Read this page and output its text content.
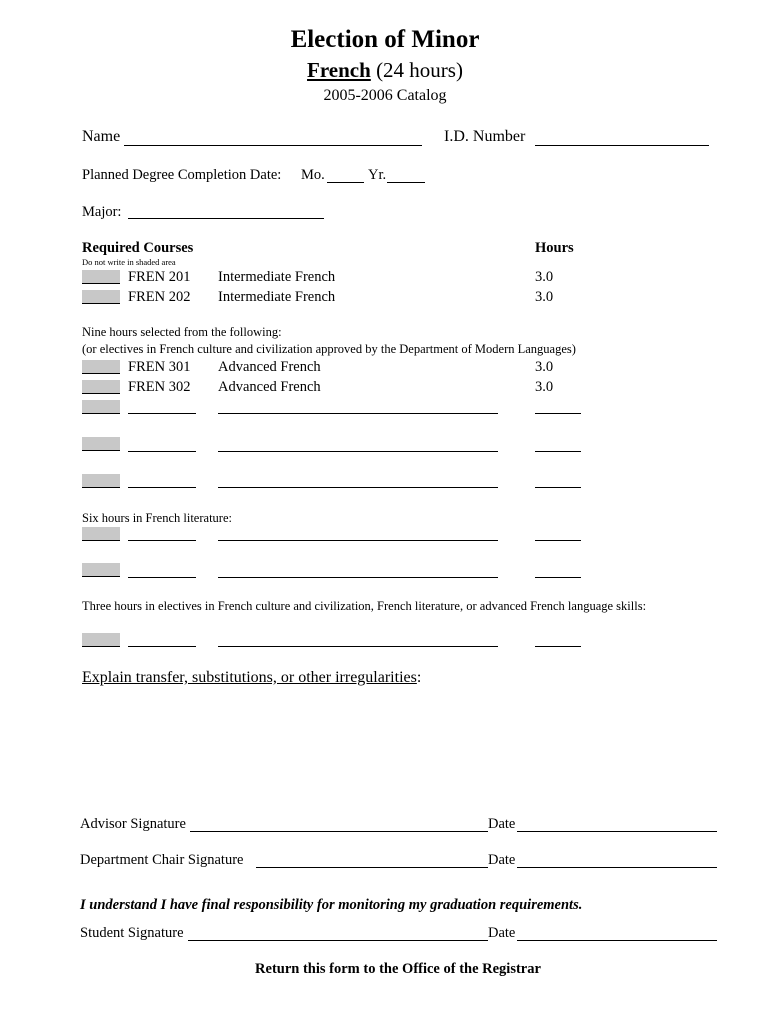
Election of Minor
French (24 hours)
2005-2006 Catalog
Name	I.D. Number
Planned Degree Completion Date: Mo.	Yr.
Major:
Required Courses	Hours
Do not write in shaded area
FREN 201 Intermediate French	3.0
FREN 202 Intermediate French	3.0
Nine hours selected from the following:
(or electives in French culture and civilization approved by the Department of Modern Languages)
FREN 301 Advanced French	3.0
FREN 302 Advanced French	3.0
Six hours in French literature:
Three hours in electives in French culture and civilization, French literature, or advanced French language skills:
Explain transfer, substitutions, or other irregularities:
Advisor Signature	Date
Department Chair Signature	Date
I understand I have final responsibility for monitoring my graduation requirements.
Student Signature	Date
Return this form to the Office of the Registrar
